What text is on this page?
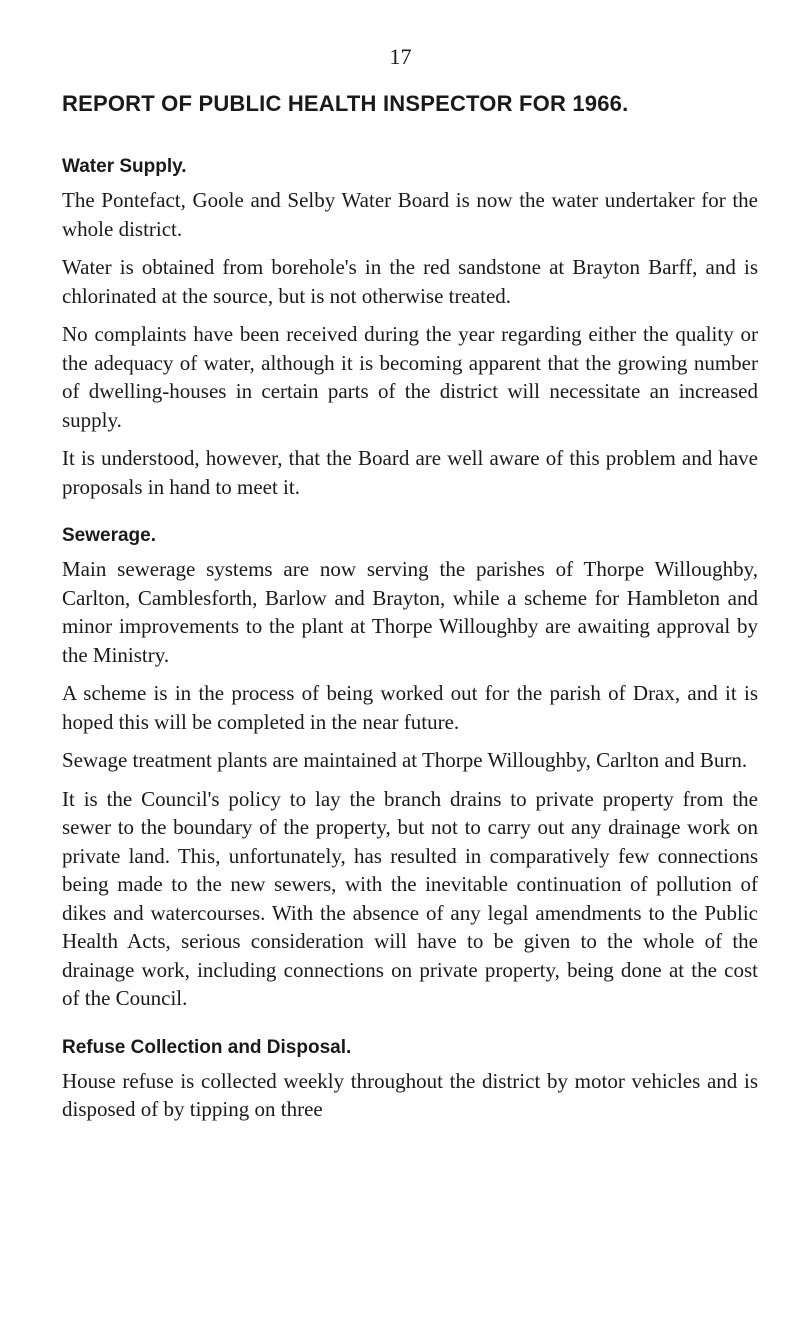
17
REPORT OF PUBLIC HEALTH INSPECTOR FOR 1966.
Water Supply.

The Pontefact, Goole and Selby Water Board is now the water undertaker for the whole district.

Water is obtained from borehole's in the red sandstone at Brayton Barff, and is chlorinated at the source, but is not otherwise treated.

No complaints have been received during the year regarding either the quality or the adequacy of water, although it is becoming apparent that the growing number of dwelling-houses in certain parts of the district will necessitate an increased supply.

It is understood, however, that the Board are well aware of this problem and have proposals in hand to meet it.

Sewerage.

Main sewerage systems are now serving the parishes of Thorpe Willoughby, Carlton, Camblesforth, Barlow and Brayton, while a scheme for Hambleton and minor improvements to the plant at Thorpe Willoughby are awaiting approval by the Ministry.

A scheme is in the process of being worked out for the parish of Drax, and it is hoped this will be completed in the near future.

Sewage treatment plants are maintained at Thorpe Willoughby, Carlton and Burn.

It is the Council's policy to lay the branch drains to private property from the sewer to the boundary of the property, but not to carry out any drainage work on private land. This, unfortunately, has resulted in comparatively few connections being made to the new sewers, with the inevitable continuation of pollution of dikes and watercourses. With the absence of any legal amendments to the Public Health Acts, serious consideration will have to be given to the whole of the drainage work, including connections on private property, being done at the cost of the Council.

Refuse Collection and Disposal.

House refuse is collected weekly throughout the district by motor vehicles and is disposed of by tipping on three
